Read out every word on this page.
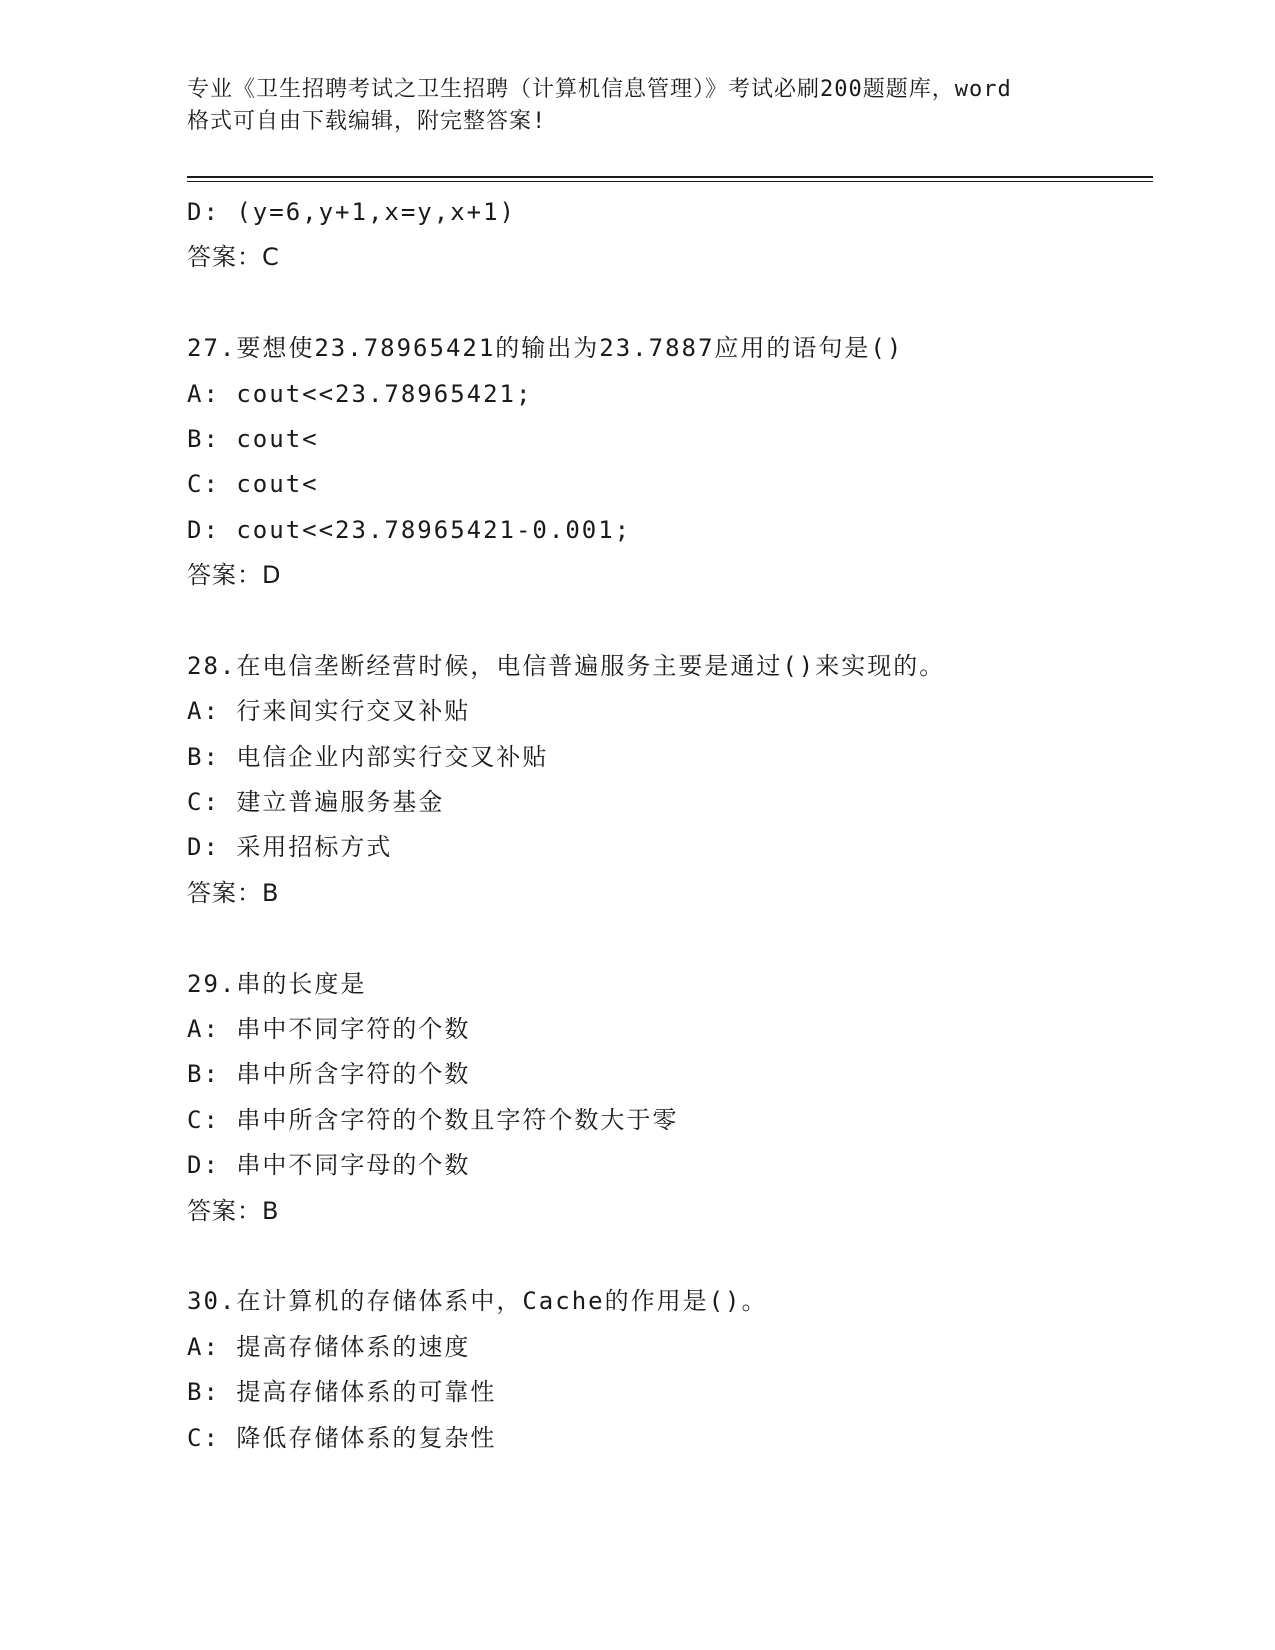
专业《卫生招聘考试之卫生招聘（计算机信息管理）》考试必刷200题题库，word
格式可自由下载编辑，附完整答案!
D: (y=6,y+1,x=y,x+1)
答案：C
27.要想使23.78965421的输出为23.7887应用的语句是()
A: cout<<23.78965421;
B: cout<
C: cout<
D: cout<<23.78965421-0.001;
答案：D
28.在电信垄断经营时候，电信普遍服务主要是通过()来实现的。
A: 行来间实行交叉补贴
B: 电信企业内部实行交叉补贴
C: 建立普遍服务基金
D: 采用招标方式
答案：B
29.串的长度是
A: 串中不同字符的个数
B: 串中所含字符的个数
C: 串中所含字符的个数且字符个数大于零
D: 串中不同字母的个数
答案：B
30.在计算机的存储体系中，Cache的作用是()。
A: 提高存储体系的速度
B: 提高存储体系的可靠性
C: 降低存储体系的复杂性
